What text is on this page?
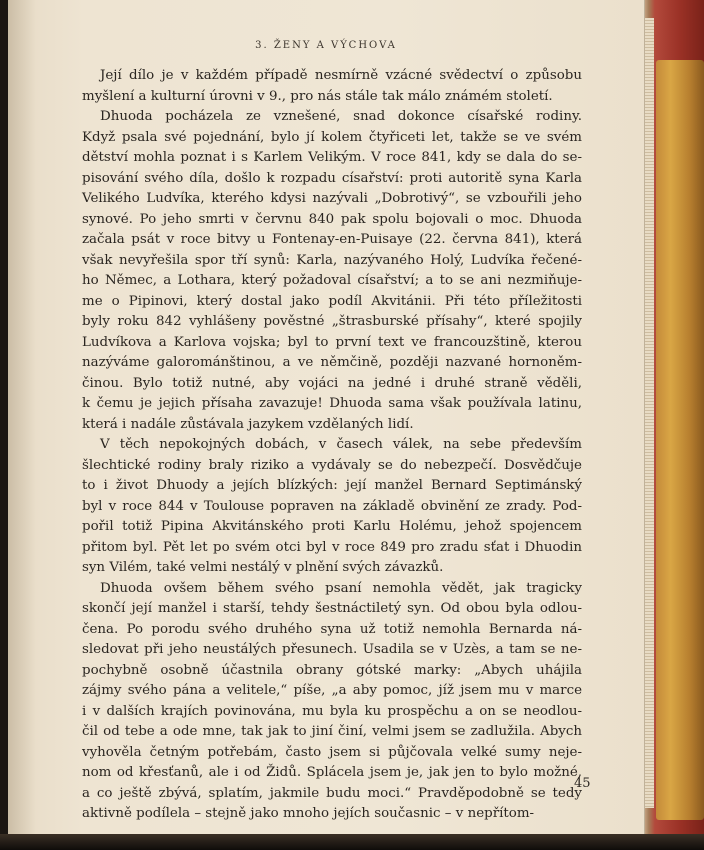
3. ŽENY A VÝCHOVA

Její dílo je v každém případě nesmírně vzácné svědectví o způsobu
myšlení a kulturní úrovni v 9., pro nás stále tak málo známém století.

Dhuoda pocházela ze vznešené, snad dokonce císařské rodiny.
Když psala své pojednání, bylo jí kolem čtyřiceti let, takže se ve svém
dětství mohla poznat i s Karlem Velikým. V roce 841, kdy se dala do se-
pisování svého díla, došlo k rozpadu císařství: proti autoritě syna Karla
Velikého Ludvíka, kterého kdysi nazývali „Dobrotivý“, se vzbouřili jeho
synové. Po jeho smrti v červnu 840 pak spolu bojovali o moc. Dhuoda
začala psát v roce bitvy u Fontenay-en-Puisaye (22. června 841), která
však nevyřešila spor tří synů: Karla, nazývaného Holý, Ludvíka řečené-
ho Němec, a Lothara, který požadoval císařství; a to se ani nezmiňuje-
me o Pipinovi, který dostal jako podíl Akvitánii. Při této příležitosti
byly roku 842 vyhlášeny pověstné „štrasburské přísahy“, které spojily
Ludvíkova a Karlova vojska; byl to první text ve francouzštině, kterou
nazýváme galorománštinou, a ve němčině, později nazvané hornoněm-
činou. Bylo totiž nutné, aby vojáci na jedné i druhé straně věděli,
k čemu je jejich přísaha zavazuje! Dhuoda sama však používala latinu,
která i nadále zůstávala jazykem vzdělaných lidí.

V těch nepokojných dobách, v časech válek, na sebe především
šlechtické rodiny braly riziko a vydávaly se do nebezpečí. Dosvědčuje
to i život Dhuody a jejích blízkých: její manžel Bernard Septimánský
byl v roce 844 v Toulouse popraven na základě obvinění ze zrady. Pod-
pořil totiž Pipina Akvitánského proti Karlu Holému, jehož spojencem
přitom byl. Pět let po svém otci byl v roce 849 pro zradu sťat i Dhuodin
syn Vilém, také velmi nestálý v plnění svých závazků.

Dhuoda ovšem během svého psaní nemohla vědět, jak tragicky
skončí její manžel i starší, tehdy šestnáctiletý syn. Od obou byla odlou-
čena. Po porodu svého druhého syna už totiž nemohla Bernarda ná-
sledovat při jeho neustálých přesunech. Usadila se v Uzès, a tam se ne-
pochybně osobně účastnila obrany gótské marky: „Abych uhájila
zájmy svého pána a velitele,“ píše, „a aby pomoc, jíž jsem mu v marce
i v dalších krajích povinována, mu byla ku prospěchu a on se neodlou-
čil od tebe a ode mne, tak jak to jiní činí, velmi jsem se zadlužila. Abych
vyhověla četným potřebám, často jsem si půjčovala velké sumy neje-
nom od křesťanů, ale i od Židů. Splácela jsem je, jak jen to bylo možné,
a co ještě zbývá, splatím, jakmile budu moci.“ Pravděpodobně se tedy
aktivně podílela – stejně jako mnoho jejích současnic – v nepřítom-

45
